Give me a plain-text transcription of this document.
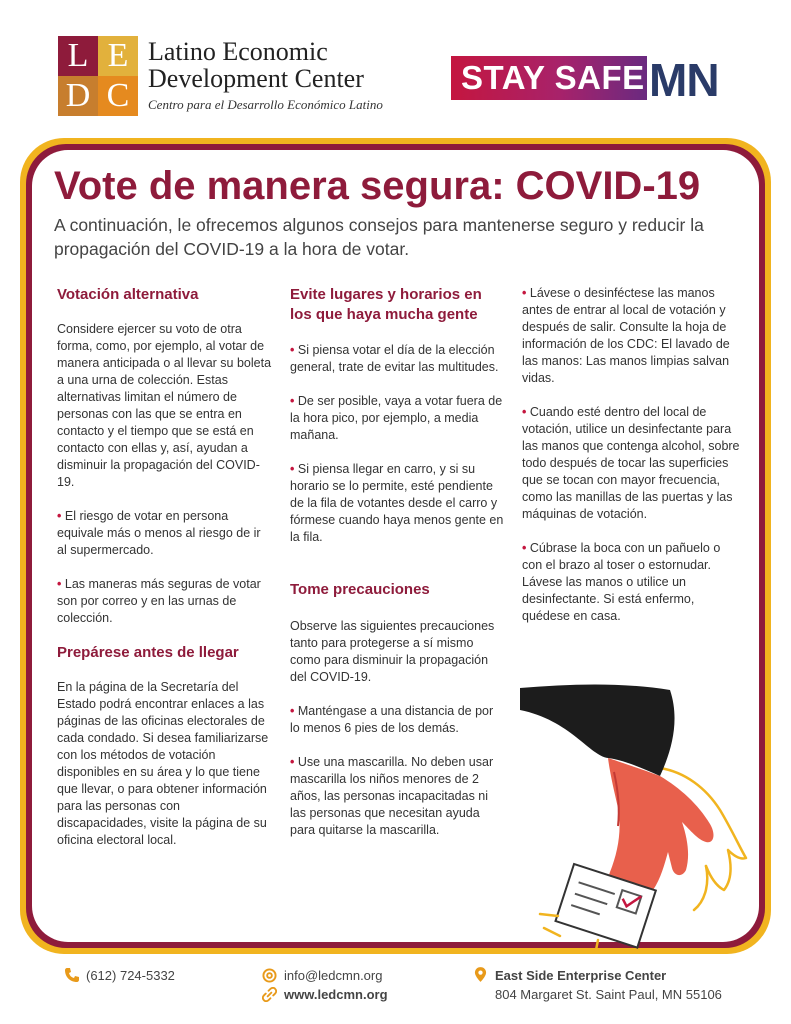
L E
D C
Latino Economic
Development Center
Centro para el Desarrollo Económico Latino
STAY SAFE MN
Vote de manera segura: COVID-19
A continuación, le ofrecemos algunos consejos para mantenerse seguro y reducir la propagación del COVID-19 a la hora de votar.
Votación alternativa

Considere ejercer su voto de otra forma, como, por ejemplo, al votar de manera anticipada o al llevar su boleta a una urna de colección. Estas alternativas limitan el número de personas con las que se entra en contacto y el tiempo que se está en contacto con ellas y, así, ayudan a disminuir la propagación del COVID-19.

• El riesgo de votar en persona equivale más o menos al riesgo de ir al supermercado.

• Las maneras más seguras de votar son por correo y en las urnas de colección.

Prepárese antes de llegar

En la página de la Secretaría del Estado podrá encontrar enlaces a las páginas de las oficinas electorales de cada condado. Si desea familiarizarse con los métodos de votación disponibles en su área y lo que tiene que llevar, o para obtener información para las personas con discapacidades, visite la página de su oficina electoral local.

Evite lugares y horarios en los que haya mucha gente

• Si piensa votar el día de la elección general, trate de evitar las multitudes.

• De ser posible, vaya a votar fuera de la hora pico, por ejemplo, a media mañana.

• Si piensa llegar en carro, y si su horario se lo permite, esté pendiente de la fila de votantes desde el carro y fórmese cuando haya menos gente en la fila.

Tome precauciones

Observe las siguientes precauciones tanto para protegerse a sí mismo como para disminuir la propagación del COVID-19.

• Manténgase a una distancia de por lo menos 6 pies de los demás.

• Use una mascarilla. No deben usar mascarilla los niños menores de 2 años, las personas incapacitadas ni las personas que necesitan ayuda para quitarse la mascarilla.

• Lávese o desinféctese las manos antes de entrar al local de votación y después de salir. Consulte la hoja de información de los CDC: El lavado de las manos: Las manos limpias salvan vidas.

• Cuando esté dentro del local de votación, utilice un desinfectante para las manos que contenga alcohol, sobre todo después de tocar las superficies que se tocan con mayor frecuencia, como las manillas de las puertas y las máquinas de votación.

• Cúbrase la boca con un pañuelo o con el brazo al toser o estornudar. Lávese las manos o utilice un desinfectante. Si está enfermo, quédese en casa.

(612) 724-5332	info@ledcmn.org
www.ledcmn.org
East Side Enterprise Center
804 Margaret St. Saint Paul, MN 55106
